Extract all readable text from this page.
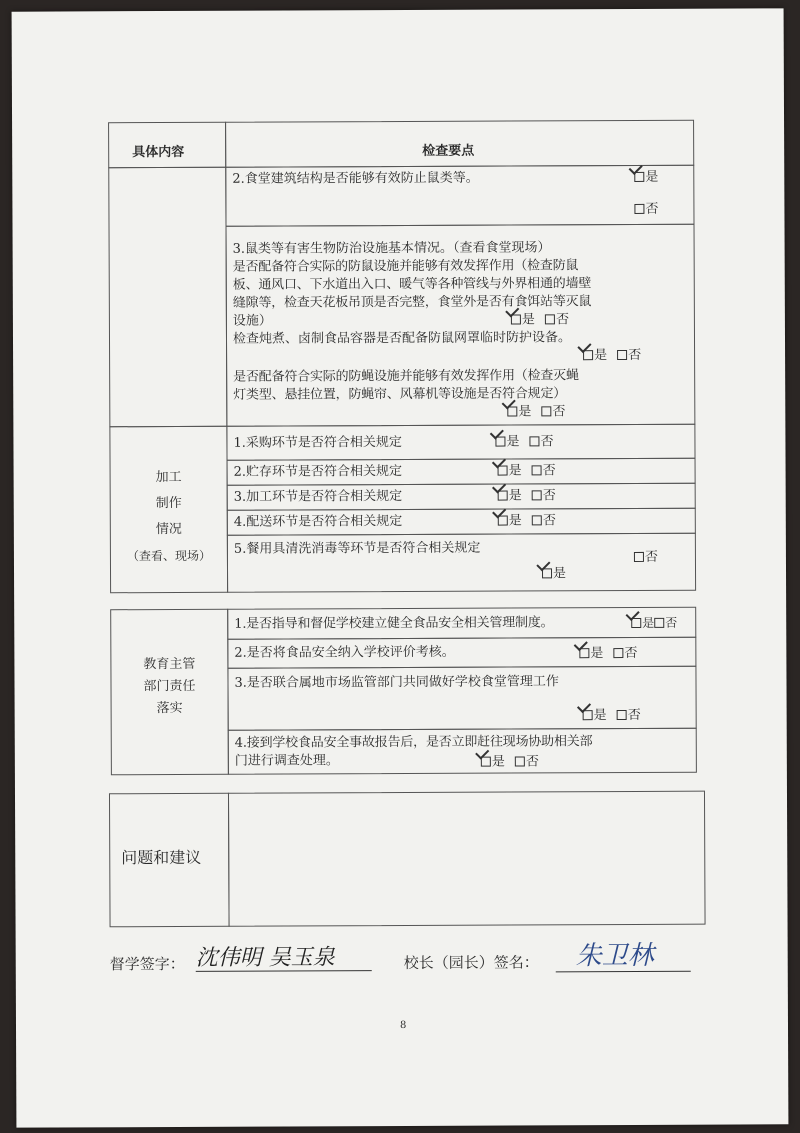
具体内容	检查要点
2.食堂建筑结构是否能够有效防止鼠类等。	是
否
3.鼠类等有害生物防治设施基本情况。（查看食堂现场）
是否配备符合实际的防鼠设施并能够有效发挥作用（检查防鼠
板、通风口、下水道出入口、暖气等各种管线与外界相通的墙壁
缝隙等，检查天花板吊顶是否完整，食堂外是否有食饵站等灭鼠
设施）	是 否
检查炖煮、卤制食品容器是否配备防鼠网罩临时防护设备。
是 否
是否配备符合实际的防蝇设施并能够有效发挥作用（检查灭蝇
灯类型、悬挂位置，防蝇帘、风幕机等设施是否符合规定）
是 否
加工
制作
情况
（查看、现场）
1.采购环节是否符合相关规定	是 否
2.贮存环节是否符合相关规定	是 否
3.加工环节是否符合相关规定	是 否
4.配送环节是否符合相关规定	是 否
5.餐用具清洗消毒等环节是否符合相关规定
否
是
教育主管
部门责任
落实
1.是否指导和督促学校建立健全食品安全相关管理制度。	是 否
2.是否将食品安全纳入学校评价考核。	是 否
3.是否联合属地市场监管部门共同做好学校食堂管理工作
是 否
4.接到学校食品安全事故报告后，是否立即赶往现场协助相关部
门进行调查处理。	是 否
问题和建议
督学签字： 沈伟明 吴玉泉	校长（园长）签名： 朱卫林
8
